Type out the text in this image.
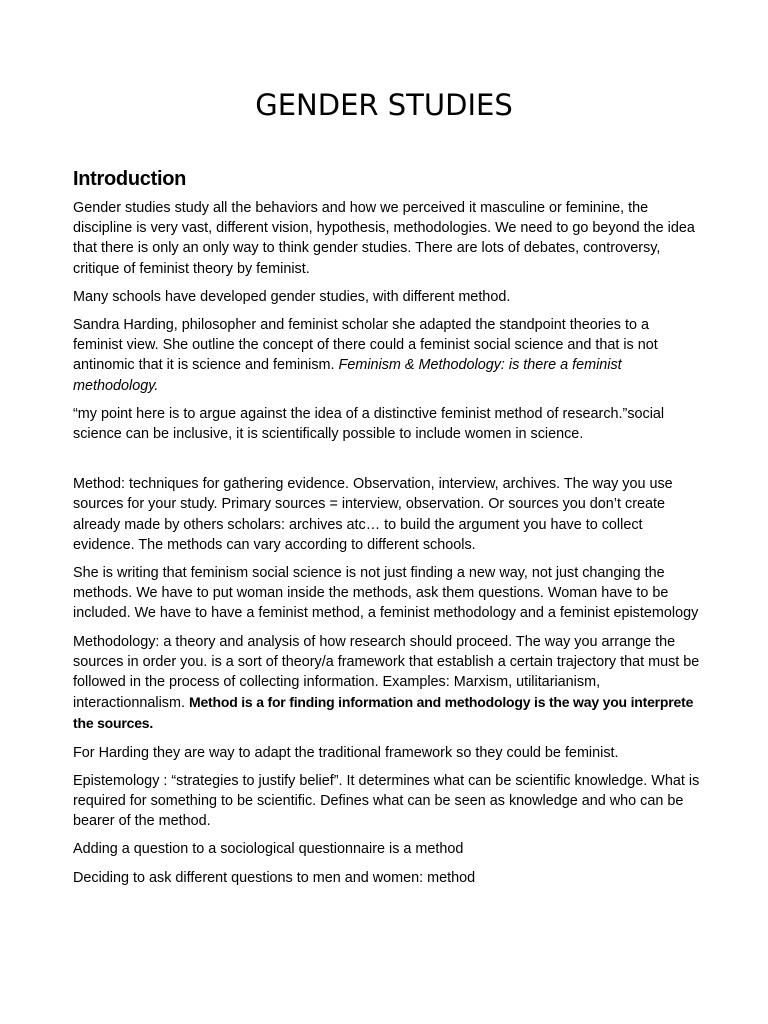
GENDER STUDIES
Introduction

Gender studies study all the behaviors and how we perceived it masculine or feminine, the discipline is very vast, different vision, hypothesis, methodologies. We need to go beyond the idea that there is only an only way to think gender studies. There are lots of debates, controversy, critique of feminist theory by feminist.

Many schools have developed gender studies, with different method.

Sandra Harding, philosopher and feminist scholar she adapted the standpoint theories to a feminist view. She outline the concept of there could a feminist social science and that is not antinomic that it is science and feminism. Feminism & Methodology: is there a feminist methodology.

“my point here is to argue against the idea of a distinctive feminist method of research.”social science can be inclusive, it is scientifically possible to include women in science.

Method: techniques for gathering evidence. Observation, interview, archives. The way you use sources for your study. Primary sources = interview, observation. Or sources you don’t create already made by others scholars: archives atc… to build the argument you have to collect evidence. The methods can vary according to different schools.

She is writing that feminism social science is not just finding a new way, not just changing the methods. We have to put woman inside the methods, ask them questions. Woman have to be included. We have to have a feminist method, a feminist methodology and a feminist epistemology

Methodology: a theory and analysis of how research should proceed. The way you arrange the sources in order you. is a sort of theory/a framework that establish a certain trajectory that must be followed in the process of collecting information. Examples: Marxism, utilitarianism, interactionnalism. Method is a for finding information and methodology is the way you interprete the sources.

For Harding they are way to adapt the traditional framework so they could be feminist.

Epistemology : “strategies to justify belief”. It determines what can be scientific knowledge. What is required for something to be scientific. Defines what can be seen as knowledge and who can be bearer of the method.

Adding a question to a sociological questionnaire is a method

Deciding to ask different questions to men and women: method
